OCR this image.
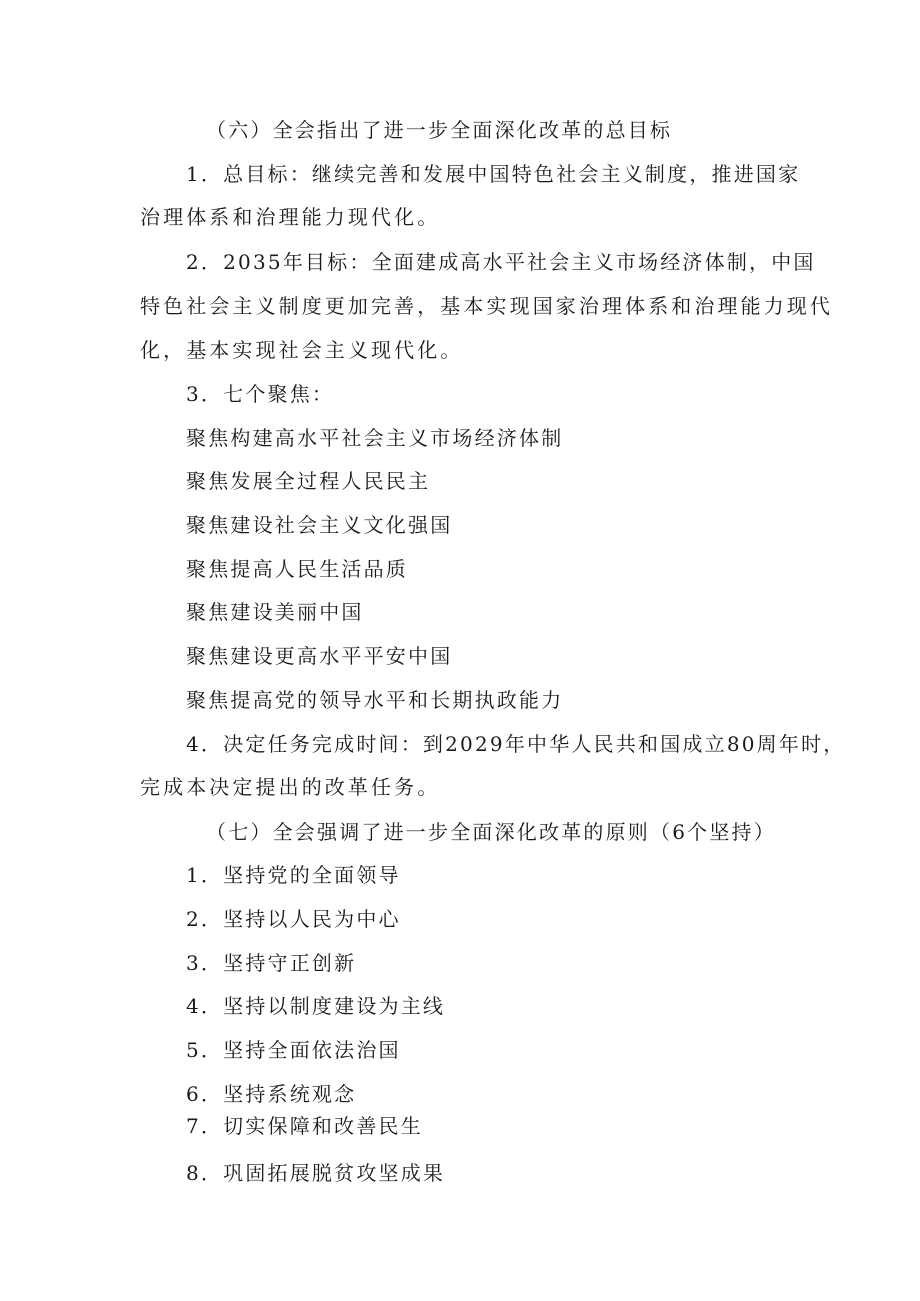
（六）全会指出了进一步全面深化改革的总目标
1．总目标：继续完善和发展中国特色社会主义制度，推进国家
治理体系和治理能力现代化。
2．2035年目标：全面建成高水平社会主义市场经济体制，中国
特色社会主义制度更加完善，基本实现国家治理体系和治理能力现代
化，基本实现社会主义现代化。
3．七个聚焦：
聚焦构建高水平社会主义市场经济体制
聚焦发展全过程人民民主
聚焦建设社会主义文化强国
聚焦提高人民生活品质
聚焦建设美丽中国
聚焦建设更高水平平安中国
聚焦提高党的领导水平和长期执政能力
4．决定任务完成时间：到2029年中华人民共和国成立80周年时，
完成本决定提出的改革任务。
（七）全会强调了进一步全面深化改革的原则（6个坚持）
1．坚持党的全面领导
2．坚持以人民为中心
3．坚持守正创新
4．坚持以制度建设为主线
5．坚持全面依法治国
6．坚持系统观念
7．切实保障和改善民生
8．巩固拓展脱贫攻坚成果
